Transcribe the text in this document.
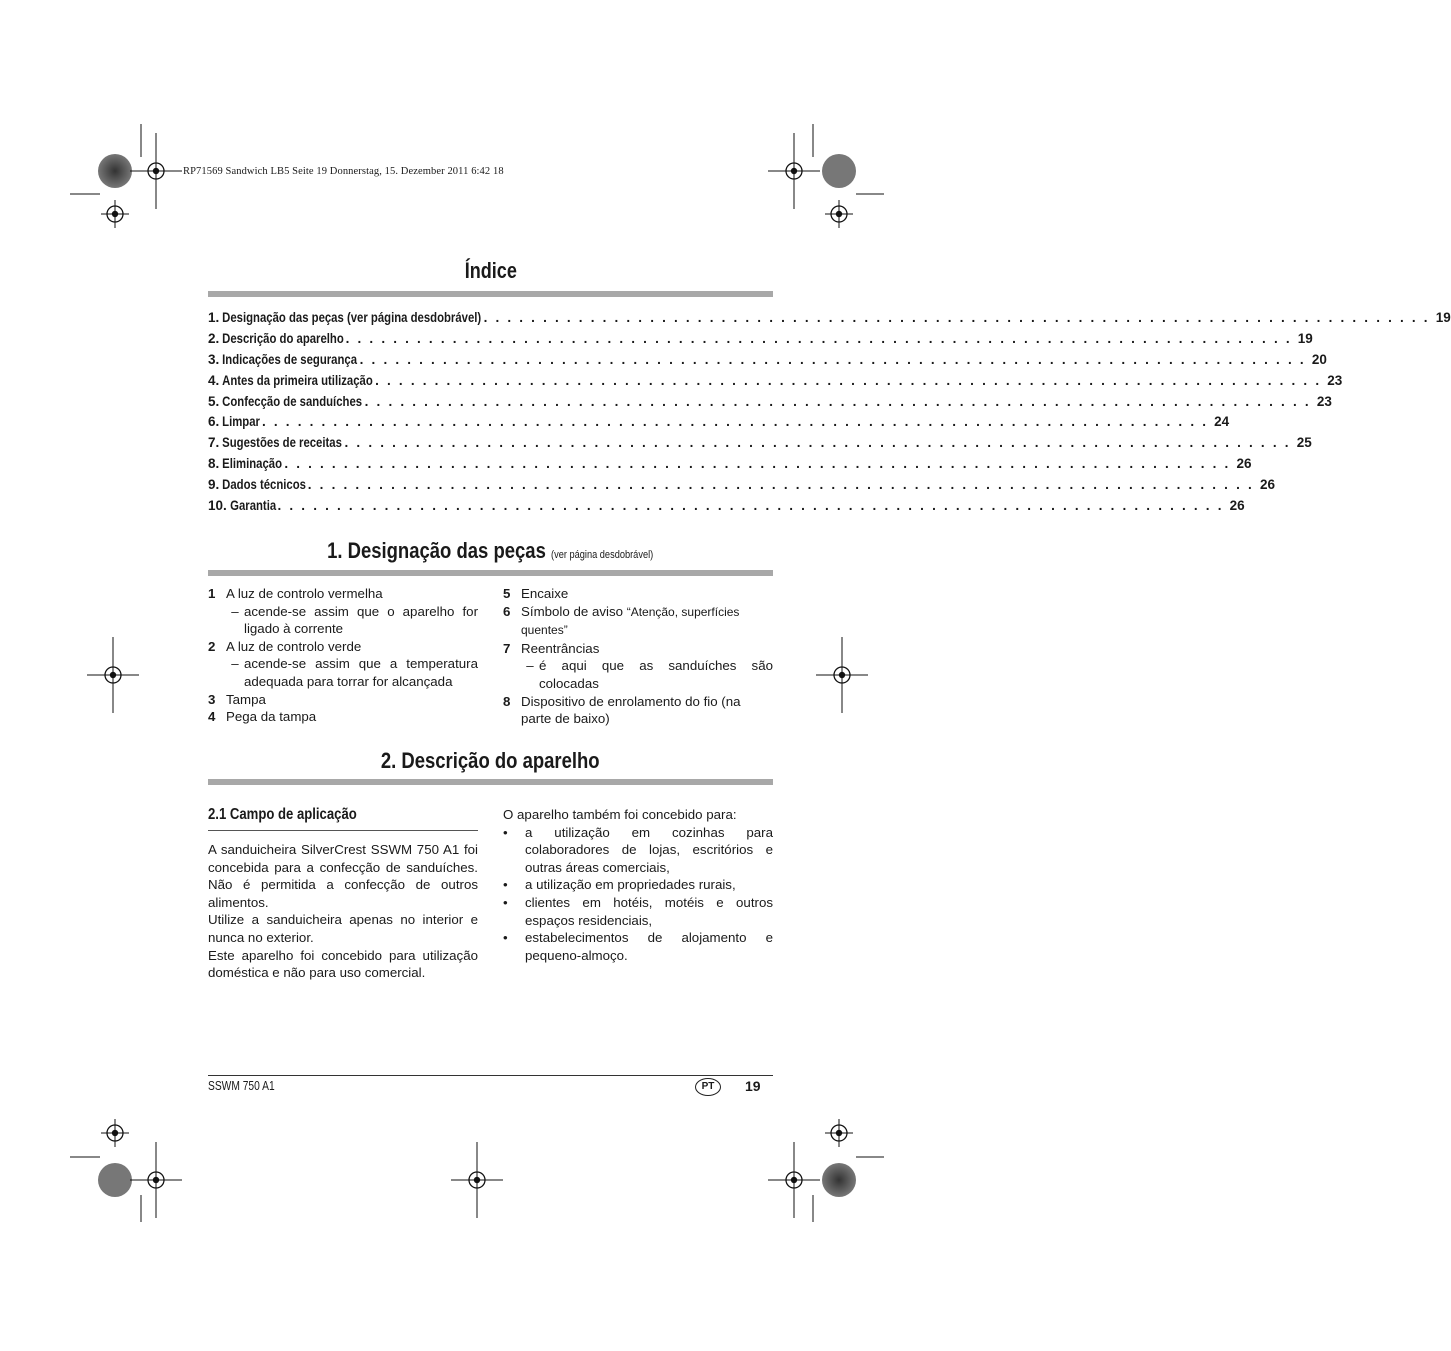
RP71569 Sandwich LB5 Seite 19 Donnerstag, 15. Dezember 2011 6:42 18
Índice
1. Designação das peças (ver página desdobrável) . . . . . . . . . . . . . . . . . . . . . . . . . . . . . . . . . . . . . . . . . . . . . . . . . . . . . . . . . . . . . . . . . . . . . . . . . . . . . . . . 19
2. Descrição do aparelho . . . . . . . . . . . . . . . . . . . . . . . . . . . . . . . . . . . . . . . . . . . . . . . . . . . . . . . . . . . . . . . . . . . . . . . . . . . . . . . . 19
3. Indicações de segurança . . . . . . . . . . . . . . . . . . . . . . . . . . . . . . . . . . . . . . . . . . . . . . . . . . . . . . . . . . . . . . . . . . . . . . . . . . . . . . . . 20
4. Antes da primeira utilização . . . . . . . . . . . . . . . . . . . . . . . . . . . . . . . . . . . . . . . . . . . . . . . . . . . . . . . . . . . . . . . . . . . . . . . . . . . . . . . . 23
5. Confecção de sanduíches . . . . . . . . . . . . . . . . . . . . . . . . . . . . . . . . . . . . . . . . . . . . . . . . . . . . . . . . . . . . . . . . . . . . . . . . . . . . . . . . 23
6. Limpar . . . . . . . . . . . . . . . . . . . . . . . . . . . . . . . . . . . . . . . . . . . . . . . . . . . . . . . . . . . . . . . . . . . . . . . . . . . . . . . . 24
7. Sugestões de receitas . . . . . . . . . . . . . . . . . . . . . . . . . . . . . . . . . . . . . . . . . . . . . . . . . . . . . . . . . . . . . . . . . . . . . . . . . . . . . . . . 25
8. Eliminação . . . . . . . . . . . . . . . . . . . . . . . . . . . . . . . . . . . . . . . . . . . . . . . . . . . . . . . . . . . . . . . . . . . . . . . . . . . . . . . . 26
9. Dados técnicos . . . . . . . . . . . . . . . . . . . . . . . . . . . . . . . . . . . . . . . . . . . . . . . . . . . . . . . . . . . . . . . . . . . . . . . . . . . . . . . . 26
10. Garantia . . . . . . . . . . . . . . . . . . . . . . . . . . . . . . . . . . . . . . . . . . . . . . . . . . . . . . . . . . . . . . . . . . . . . . . . . . . . . . . . 26
1. Designação das peças (ver página desdobrável)
1 A luz de controlo vermelha
– acende-se assim que o aparelho for ligado à corrente
2 A luz de controlo verde
– acende-se assim que a temperatura adequada para torrar for alcançada
3 Tampa
4 Pega da tampa
5 Encaixe
6 Símbolo de aviso “Atenção, superfícies quentes”
7 Reentrâncias
– é aqui que as sanduíches são colocadas
8 Dispositivo de enrolamento do fio (na parte de baixo)
2. Descrição do aparelho
2.1 Campo de aplicação

A sanduicheira SilverCrest SSWM 750 A1 foi concebida para a confecção de sanduíches. Não é permitida a confecção de outros alimentos.

Utilize a sanduicheira apenas no interior e nunca no exterior.

Este aparelho foi concebido para utilização doméstica e não para uso comercial.

O aparelho também foi concebido para:
•	a utilização em cozinhas para colaboradores de lojas, escritórios e outras áreas comerciais,
•	a utilização em propriedades rurais,
•	clientes em hotéis, motéis e outros espaços residenciais,
•	estabelecimentos de alojamento e pequeno-almoço.
SSWM 750 A1	PT	19
